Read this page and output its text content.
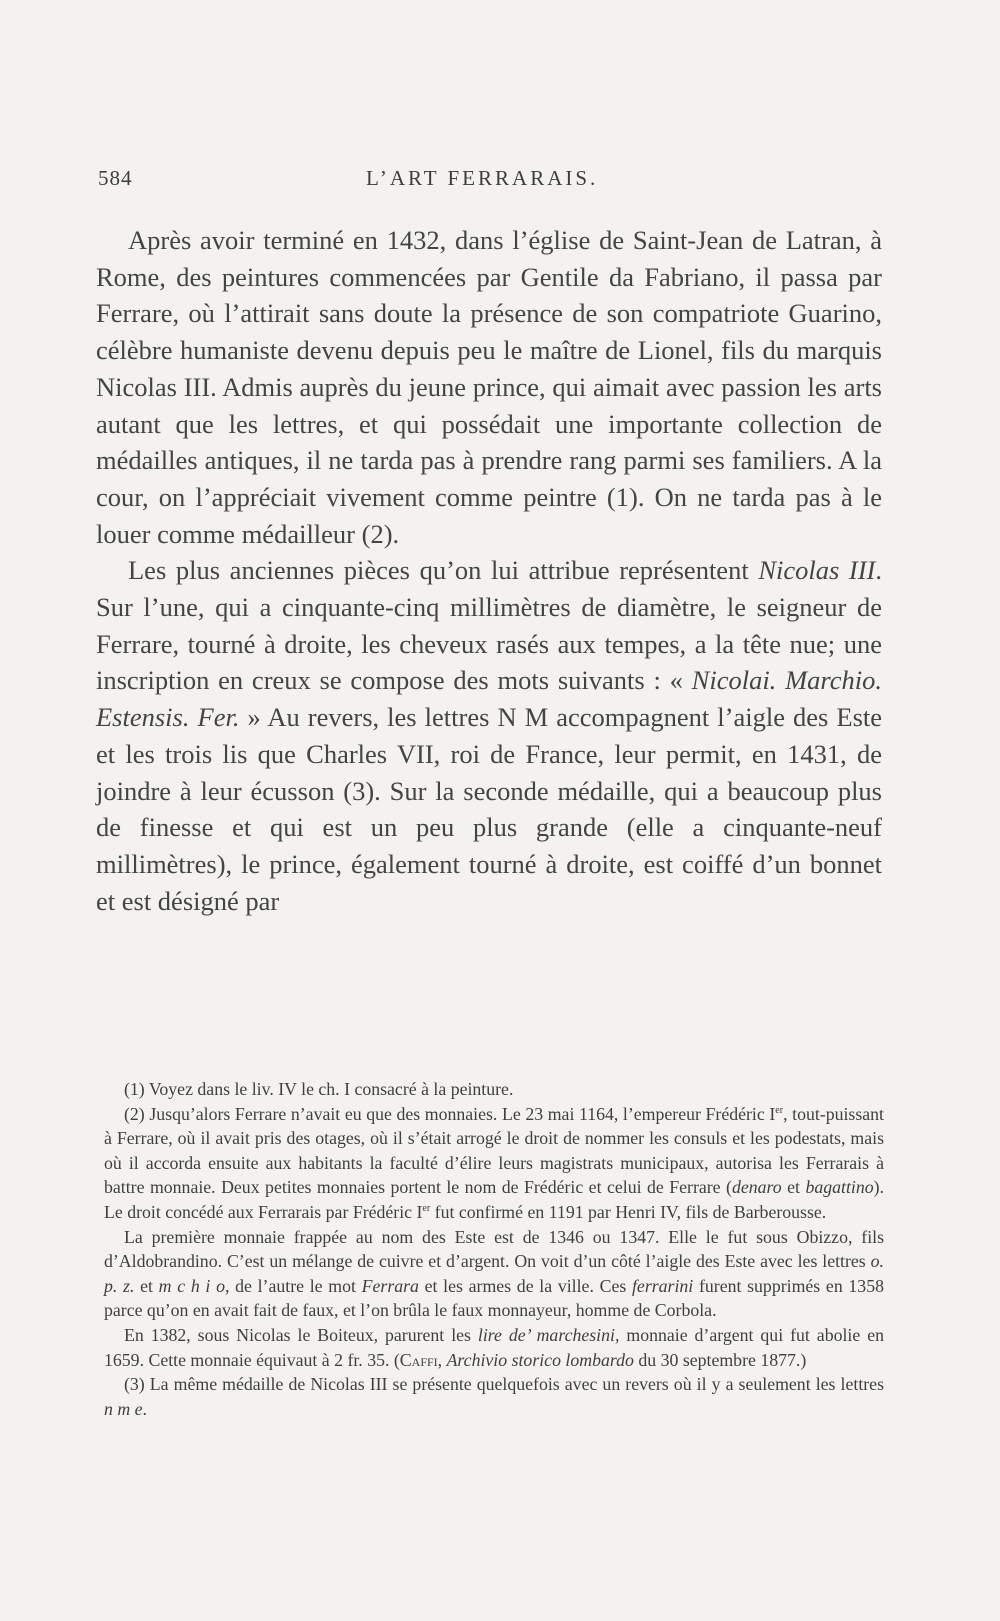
584	L’ART FERRARAIS.

Après avoir terminé en 1432, dans l’église de Saint-Jean de Latran, à Rome, des peintures commencées par Gentile da Fabriano, il passa par Ferrare, où l’attirait sans doute la présence de son compatriote Guarino, célèbre humaniste devenu depuis peu le maître de Lionel, fils du marquis Nicolas III. Admis auprès du jeune prince, qui aimait avec passion les arts autant que les lettres, et qui possédait une importante collection de médailles antiques, il ne tarda pas à prendre rang parmi ses familiers. A la cour, on l’appréciait vivement comme peintre (1). On ne tarda pas à le louer comme médailleur (2).

Les plus anciennes pièces qu’on lui attribue représentent Nicolas III. Sur l’une, qui a cinquante-cinq millimètres de diamètre, le seigneur de Ferrare, tourné à droite, les cheveux rasés aux tempes, a la tête nue; une inscription en creux se compose des mots suivants : « Nicolai. Marchio. Estensis. Fer. » Au revers, les lettres N M accompagnent l’aigle des Este et les trois lis que Charles VII, roi de France, leur permit, en 1431, de joindre à leur écusson (3). Sur la seconde médaille, qui a beaucoup plus de finesse et qui est un peu plus grande (elle a cinquante-neuf millimètres), le prince, également tourné à droite, est coiffé d’un bonnet et est désigné par

(1) Voyez dans le liv. IV le ch. I consacré à la peinture.

(2) Jusqu’alors Ferrare n’avait eu que des monnaies. Le 23 mai 1164, l’empereur Frédéric Ier, tout-puissant à Ferrare, où il avait pris des otages, où il s’était arrogé le droit de nommer les consuls et les podestats, mais où il accorda ensuite aux habitants la faculté d’élire leurs magistrats municipaux, autorisa les Ferrarais à battre monnaie. Deux petites monnaies portent le nom de Frédéric et celui de Ferrare (denaro et bagattino). Le droit concédé aux Ferrarais par Frédéric Ier fut confirmé en 1191 par Henri IV, fils de Barberousse.

La première monnaie frappée au nom des Este est de 1346 ou 1347. Elle le fut sous Obizzo, fils d’Aldobrandino. C’est un mélange de cuivre et d’argent. On voit d’un côté l’aigle des Este avec les lettres o. p. z. et m c h i o, de l’autre le mot Ferrara et les armes de la ville. Ces ferrarini furent supprimés en 1358 parce qu’on en avait fait de faux, et l’on brûla le faux monnayeur, homme de Corbola.

En 1382, sous Nicolas le Boiteux, parurent les lire de’ marchesini, monnaie d’argent qui fut abolie en 1659. Cette monnaie équivaut à 2 fr. 35. (Caffi, Archivio storico lombardo du 30 septembre 1877.)

(3) La même médaille de Nicolas III se présente quelquefois avec un revers où il y a seulement les lettres n m e.
